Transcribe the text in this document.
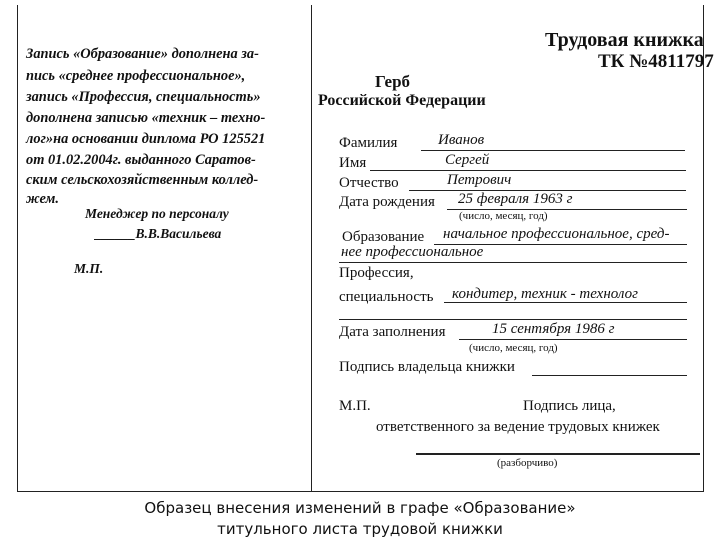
Запись «Образование» дополнена за-
пись «среднее профессиональное»,
запись «Профессия, специальность»
дополнена записью «техник – техно-
лог»на основании диплома РО 125521
от 01.02.2004г. выданного Саратов-
ским сельскохозяйственным коллед-
жем.
Менеджер по персоналу
______В.В.Васильева
М.П.
Трудовая книжка
ТК №4811797
Герб
Российской Федерации
Фамилия	Иванов
Имя	Сергей
Отчество	Петрович
Дата рождения 25 февраля 1963 г
(число, месяц, год)
Образование начальное профессиональное, сред-
нее профессиональное
Профессия,
специальность кондитер, техник - технолог
Дата заполнения	15 сентября 1986 г
(число, месяц, год)
Подпись владельца книжки
М.П.	Подпись лица,
ответственного за ведение трудовых книжек
(разборчиво)
Образец внесения изменений в графе «Образование»
титульного листа трудовой книжки
